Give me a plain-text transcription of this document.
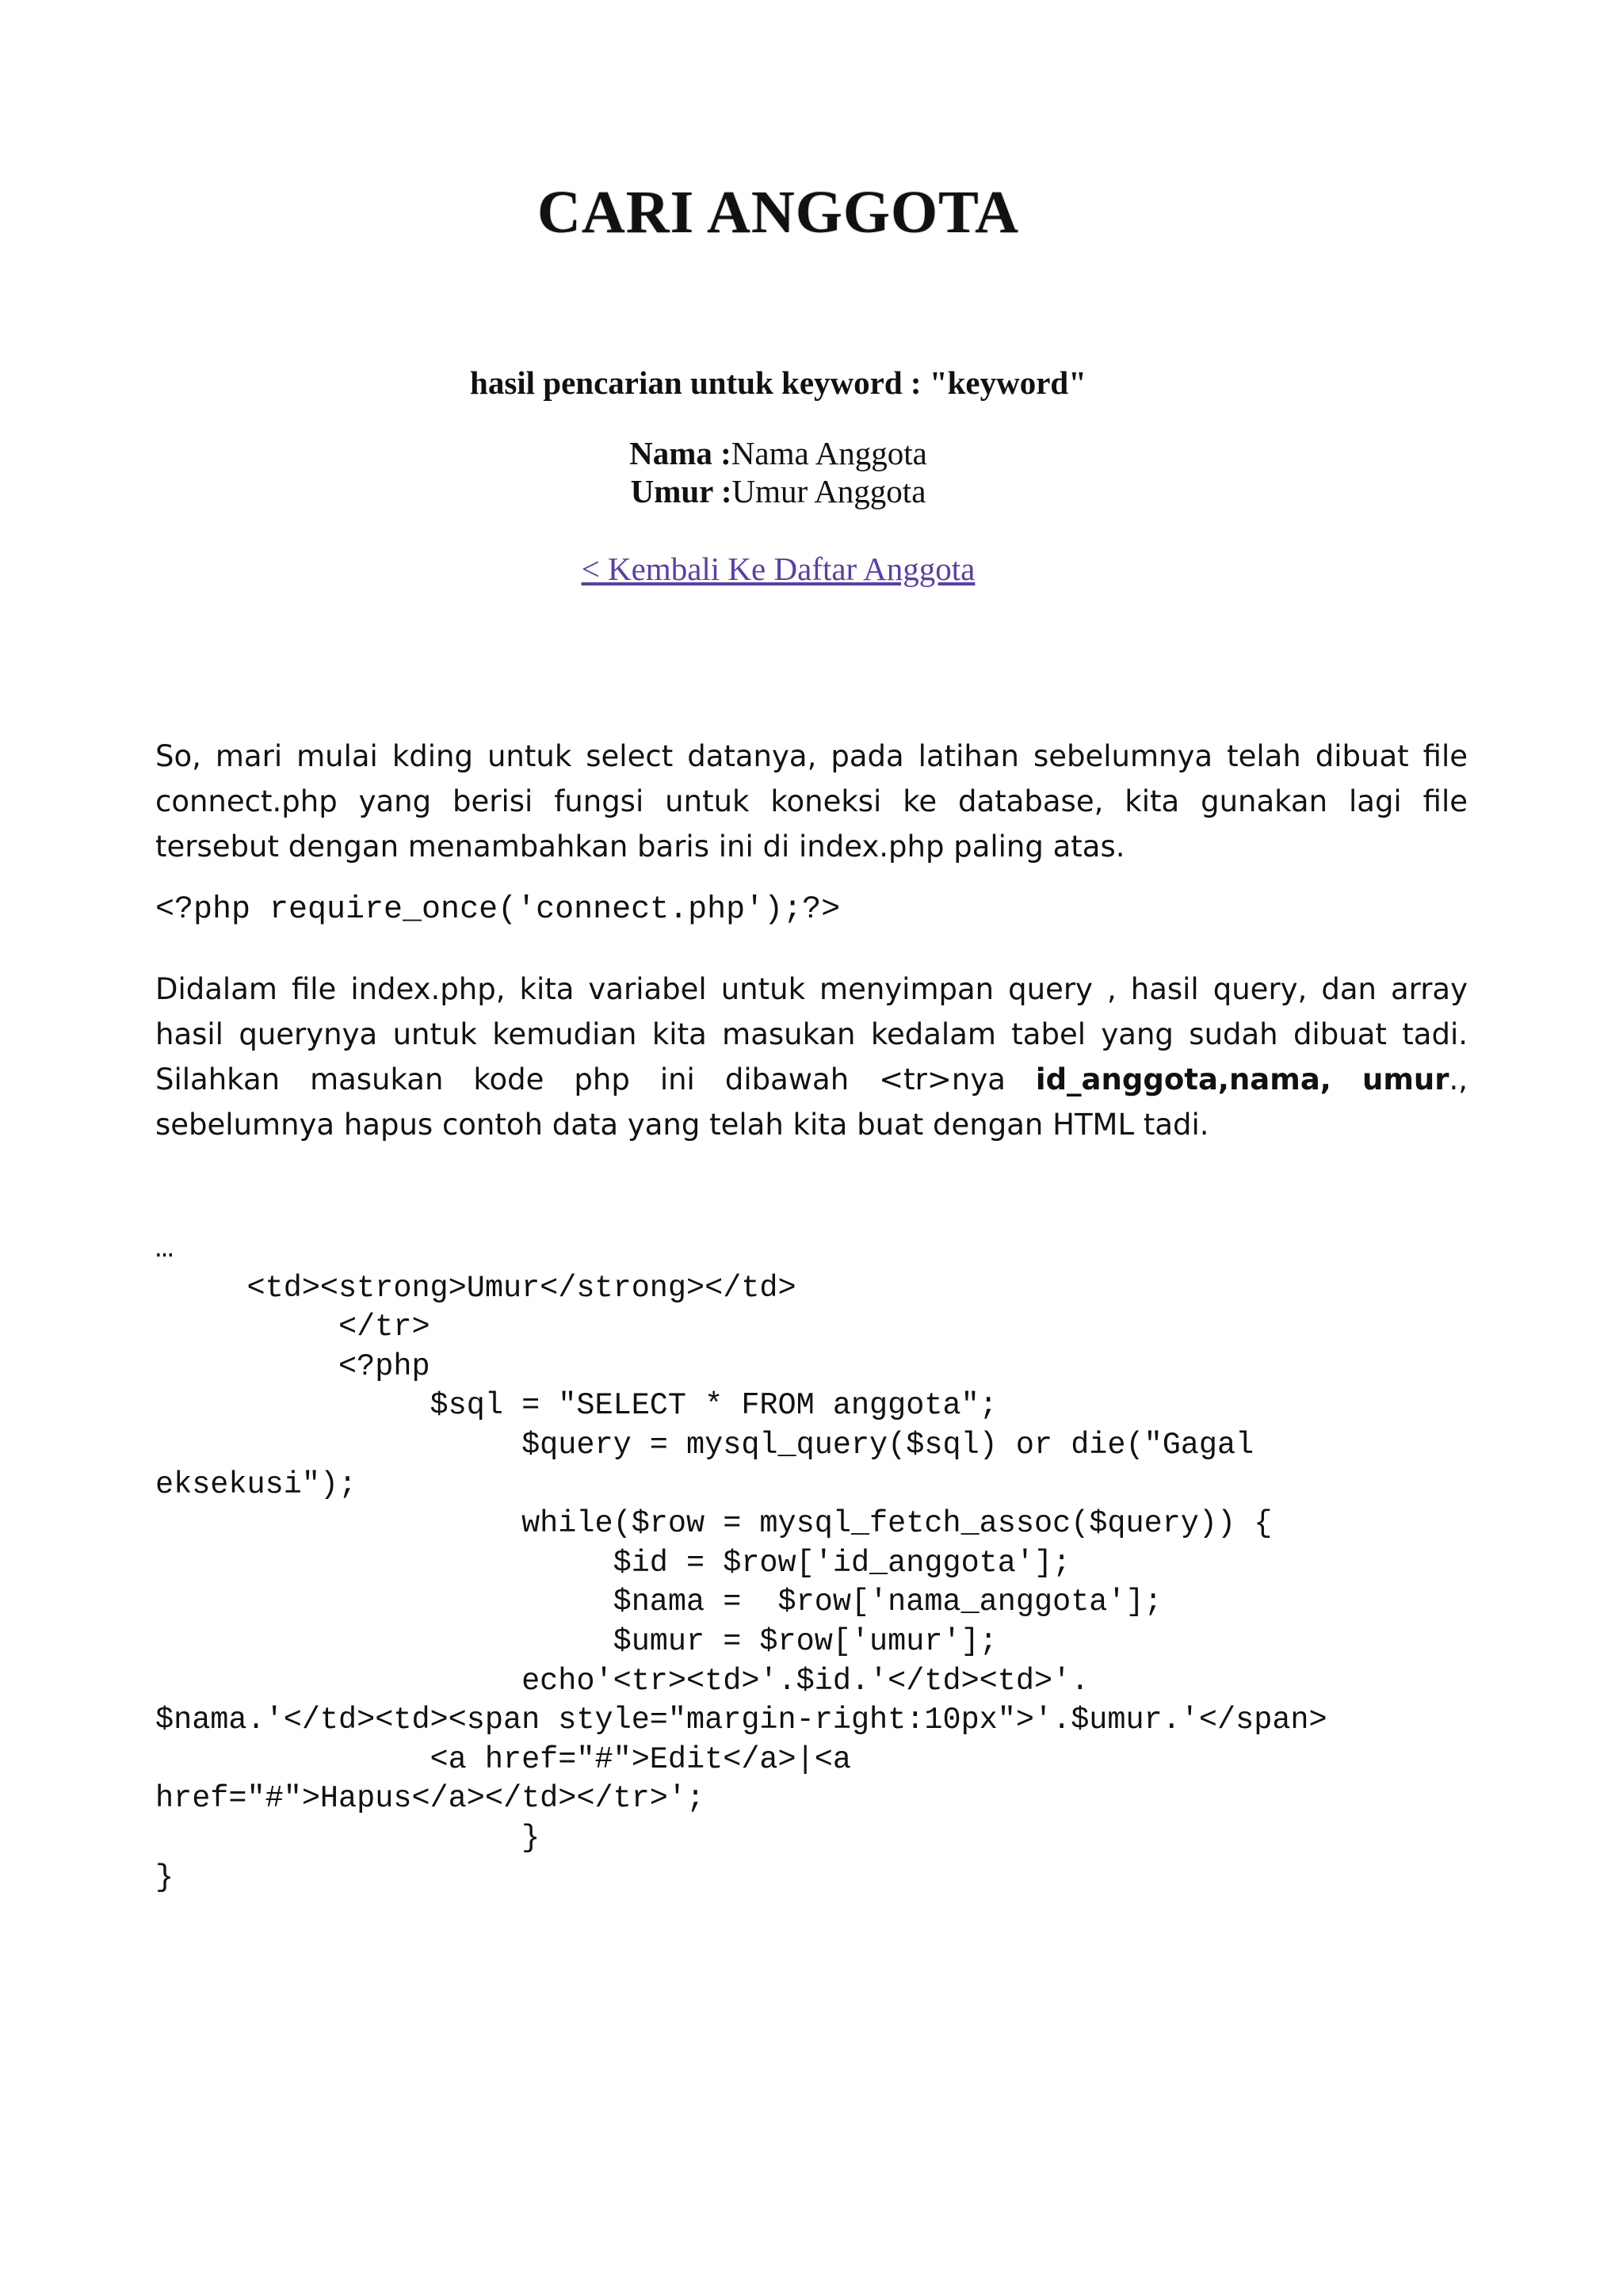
CARI ANGGOTA
hasil pencarian untuk keyword : "keyword"
Nama :Nama Anggota
Umur :Umur Anggota
< Kembali Ke Daftar Anggota
So, mari mulai kding untuk select datanya, pada latihan sebelumnya telah dibuat file connect.php yang berisi fungsi untuk koneksi ke database, kita gunakan lagi file tersebut dengan menambahkan baris ini di index.php paling atas.
<?php require_once('connect.php');?>
Didalam file index.php, kita variabel untuk menyimpan query , hasil query, dan array hasil querynya untuk kemudian kita masukan kedalam tabel yang sudah dibuat tadi. Silahkan masukan kode php ini dibawah <tr>nya id_anggota,nama, umur., sebelumnya hapus contoh data yang telah kita buat dengan HTML tadi.
…
<td><strong>Umur</strong></td>
</tr>
<?php
$sql = "SELECT * FROM anggota";
$query = mysql_query($sql) or die("Gagal
eksekusi");
while($row = mysql_fetch_assoc($query)) {
$id = $row['id_anggota'];
$nama =  $row['nama_anggota'];
$umur = $row['umur'];
echo'<tr><td>'.$id.'</td><td>'.
$nama.'</td><td><span style="margin-right:10px">'.$umur.'</span>
<a href="#">Edit</a>|<a
href="#">Hapus</a></td></tr>';
}
}
